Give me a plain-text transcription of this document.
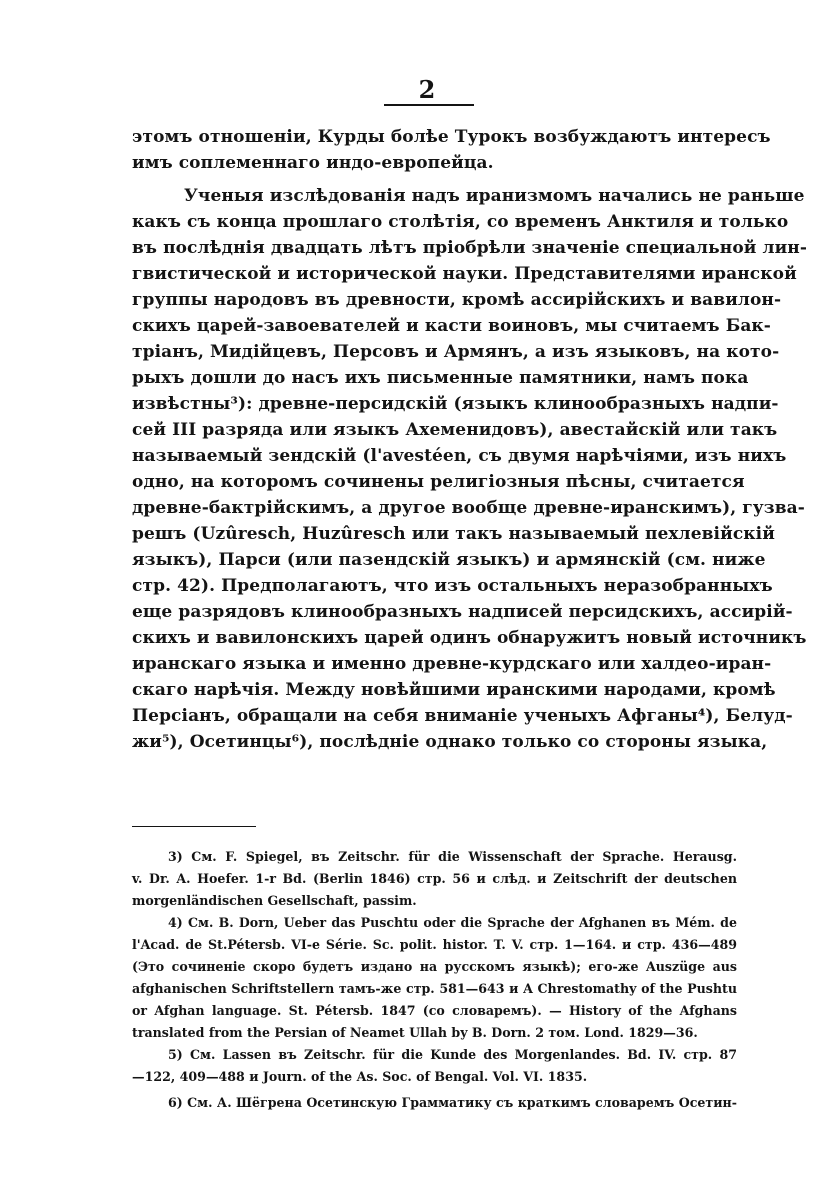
2
этомъ отношенiи, Курды болѣе Турокъ возбуждаютъ интересъ
имъ соплеменнаго индо-европейца.
Ученыя изслѣдованiя надъ иранизмомъ начались не раньше
какъ съ конца прошлаго столѣтiя, со временъ Анктиля и только
въ послѣднiя двадцать лѣтъ прiобрѣли значенiе специальной лин-
гвистической и исторической науки. Представителями иранской
группы народовъ въ древности, кромѣ ассирiйскихъ и вавилон-
скихъ царей-завоевателей и касти воиновъ, мы считаемъ Бак-
трiанъ, Мидiйцевъ, Персовъ и Армянъ, а изъ языковъ, на кото-
рыхъ дошли до насъ ихъ письменные памятники, намъ пока
извѣстны³): древне-персидскiй (языкъ клинообразныхъ надпи-
сей III разряда или языкъ Ахеменидовъ), авестайскiй или такъ
называемый зендскiй (l'avestéen, съ двумя нарѣчiями, изъ нихъ
одно, на которомъ сочинены религiозныя пѣсны, считается
древне-бактрiйскимъ, а другое вообще древне-иранскимъ), гузва-
решъ (Uzûresch, Huzûresch или такъ называемый пехлевiйскiй
языкъ), Парси (или пазендскiй языкъ) и армянскiй (см. ниже
стр. 42). Предполагаютъ, что изъ остальныхъ неразобранныхъ
еще разрядовъ клинообразныхъ надписей персидскихъ, ассирiй-
скихъ и вавилонскихъ царей одинъ обнаружитъ новый источникъ
иранскаго языка и именно древне-курдскаго или халдео-иран-
скаго нарѣчiя. Между новѣйшими иранскими народами, кромѣ
Персiанъ, обращали на себя вниманiе ученыхъ Афганы⁴), Белуд-
жи⁵), Осетинцы⁶), послѣднiе однако только со стороны языка,
3) См. F. Spiegel, въ Zeitschr. für die Wissenschaft der Sprache. Herausg.
v. Dr. A. Hoefer. 1-r Bd. (Berlin 1846) стр. 56 и слѣд. и Zeitschrift der deutschen
morgenländischen Gesellschaft, passim.
4) См. B. Dorn, Ueber das Puschtu oder die Sprache der Afghanen въ Mém. de
l'Acad. de St.Pétersb. VI-e Série. Sc. polit. histor. T. V. стр. 1—164. и стр. 436—489
(Это сочиненiе скоро будетъ издано на русскомъ языкѣ); его-же Auszüge aus
afghanischen Schriftstellern тамъ-же стр. 581—643 и A Chrestomathy of the Pushtu
or Afghan language. St. Pétersb. 1847 (со словаремъ). — History of the Afghans
translated from the Persian of Neamet Ullah by B. Dorn. 2 том. Lond. 1829—36.
5) См. Lassen въ Zeitschr. für die Kunde des Morgenlandes. Bd. IV. стр. 87
—122, 409—488 и Journ. of the As. Soc. of Bengal. Vol. VI. 1835.
6) См. А. Шёгрена Осетинскую Грамматику съ краткимъ словаремъ Осетин-
